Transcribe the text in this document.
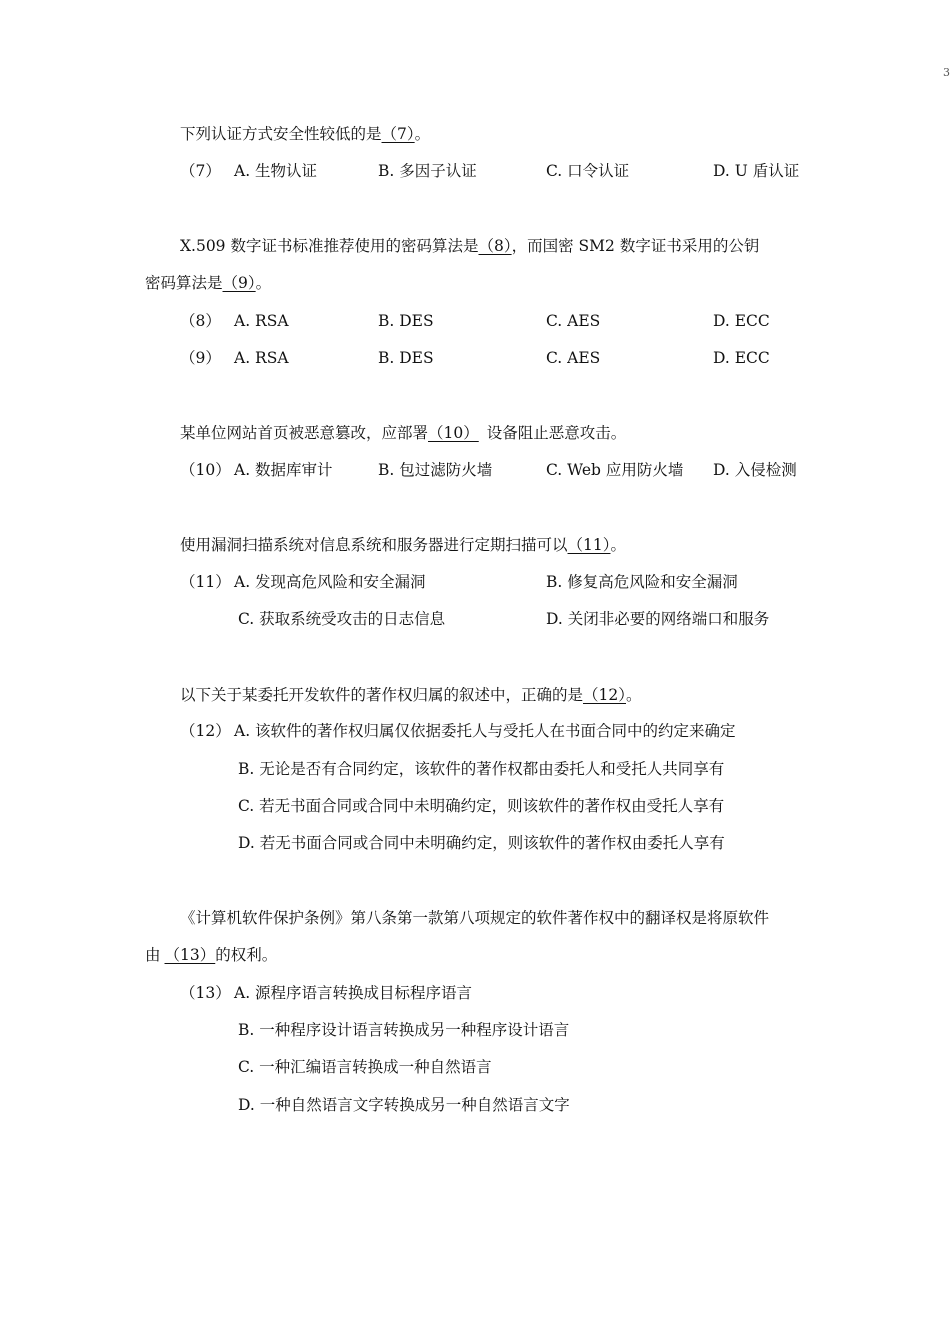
3
下列认证方式安全性较低的是（7）。
（7） A. 生物认证	B. 多因子认证	C. 口令认证	D. U 盾认证
X.509 数字证书标准推荐使用的密码算法是（8），而国密 SM2 数字证书采用的公钥
密码算法是（9）。
（8） A. RSA	B. DES	C. AES	D. ECC
（9） A. RSA	B. DES	C. AES	D. ECC
某单位网站首页被恶意篡改，应部署（10） 设备阻止恶意攻击。
（10） A. 数据库审计	B. 包过滤防火墙	C. Web 应用防火墙 D. 入侵检测
使用漏洞扫描系统对信息系统和服务器进行定期扫描可以（11）。
（11） A. 发现高危风险和安全漏洞	B. 修复高危风险和安全漏洞
C. 获取系统受攻击的日志信息	D. 关闭非必要的网络端口和服务
以下关于某委托开发软件的著作权归属的叙述中，正确的是（12）。
（12） A. 该软件的著作权归属仅依据委托人与受托人在书面合同中的约定来确定
B. 无论是否有合同约定，该软件的著作权都由委托人和受托人共同享有
C. 若无书面合同或合同中未明确约定，则该软件的著作权由受托人享有
D. 若无书面合同或合同中未明确约定，则该软件的著作权由委托人享有
《计算机软件保护条例》第八条第一款第八项规定的软件著作权中的翻译权是将原软件
由 （13）的权利。
（13） A. 源程序语言转换成目标程序语言
B. 一种程序设计语言转换成另一种程序设计语言
C. 一种汇编语言转换成一种自然语言
D. 一种自然语言文字转换成另一种自然语言文字
